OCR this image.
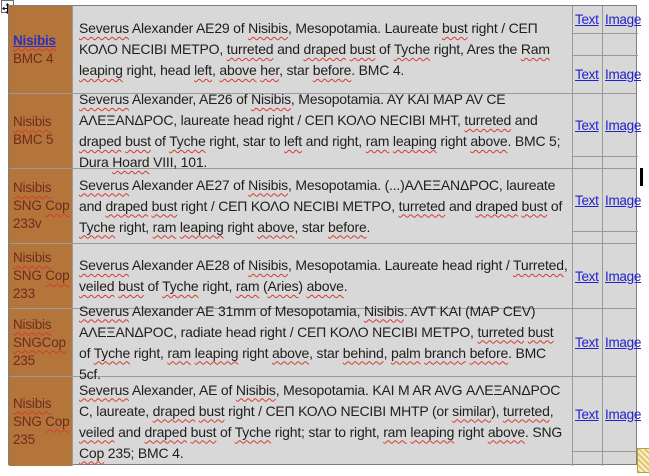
Nisibis
BMC 4
Severus Alexander AE29 of Nisibis, Mesopotamia. Laureate bust right / CEΠ ΚΟΛΟ NECIBI METPO, turreted and draped bust of Tyche right, Ares the Ram leaping right, head left, above her, star before. BMC 4.
Text Image
Text Image
Nisibis
BMC 5
Severus Alexander, AE26 of Nisibis, Mesopotamia. AY KAI MAP AV CE ΑΛΕΞΑΝΔΡΟC, laureate head right / CEΠ ΚΟΛΟ NECIBI MHT, turreted and draped bust of Tyche right, star to left and right, ram leaping right above. BMC 5; Dura Hoard VIII, 101.
Text Image
Nisibis
SNG Cop
233v
Severus Alexander AE27 of Nisibis, Mesopotamia. (...)ΑΛΕΞΑΝΔΡΟC, laureate and draped bust right / CEΠ ΚΟΛΟ NECIBI METPO, turreted and draped bust of Tyche right, ram leaping right above, star before.
Text Image
Nisibis
SNG Cop
233
Severus Alexander AE28 of Nisibis, Mesopotamia. Laureate head right / Turreted, veiled bust of Tyche right, ram (Aries) above.
Text Image
Nisibis
SNGCop
235
Severus Alexander AE 31mm of Mesopotamia, Nisibis. AVT KAI (MAP CEV) ΑΛΕΞΑΝΔΡΟC, radiate head right / CEΠ ΚΟΛΟ NECIBI METPO, turreted bust of Tyche right, ram leaping right above, star behind, palm branch before. BMC 5cf.
Text Image
Nisibis
SNG Cop
235
Severus Alexander, AE of Nisibis, Mesopotamia. KAI M AR AVG ΑΛΕΞΑΝΔΡΟC C, laureate, draped bust right / CEΠ ΚΟΛΟ NECIBI MHTP (or similar), turreted, veiled and draped bust of Tyche right; star to right, ram leaping right above. SNG Cop 235; BMC 4.
Text Image
